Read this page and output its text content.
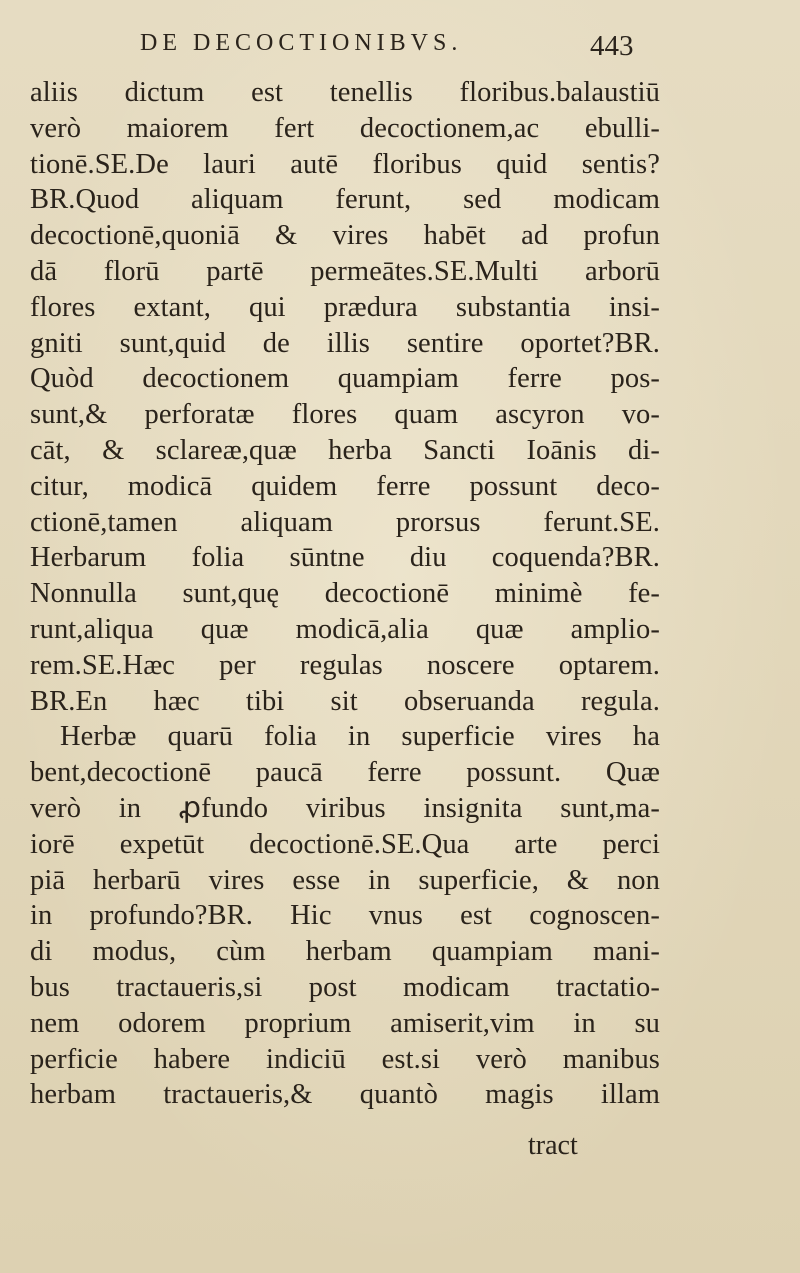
DE DECOCTIONIBVS.	443
aliis dictum est tenellis floribus.balaustiū
verò maiorem fert decoctionem,ac ebulli-
tionē.SE.De lauri autē floribus quid sentis?
BR.Quod aliquam ferunt, sed modicam
decoctionē,quoniā & vires habēt ad profun
dā florū partē permeātes.SE.Multi arborū
flores extant, qui prædura substantia insi-
gniti sunt,quid de illis sentire oportet?BR.
Quòd decoctionem quampiam ferre pos-
sunt,& perforatæ flores quam ascyron vo-
cāt, & sclareæ,quæ herba Sancti Ioānis di-
citur, modicā quidem ferre possunt deco-
ctionē,tamen aliquam prorsus ferunt.SE.
Herbarum folia sūntne diu coquenda?BR.
Nonnulla sunt,quę decoctionē minimè fe-
runt,aliqua quæ modicā,alia quæ amplio-
rem.SE.Hæc per regulas noscere optarem.
BR.En hæc tibi sit obseruanda regula.
Herbæ quarū folia in superficie vires ha
bent,decoctionē paucā ferre possunt. Quæ
verò in ꝓfundo viribus insignita sunt,ma-
iorē expetūt decoctionē.SE.Qua arte perci
piā herbarū vires esse in superficie, & non
in profundo?BR. Hic vnus est cognoscen-
di modus, cùm herbam quampiam mani-
bus tractaueris,si post modicam tractatio-
nem odorem proprium amiserit,vim in su
perficie habere indiciū est.si verò manibus
herbam tractaueris,& quantò magis illam
tract
